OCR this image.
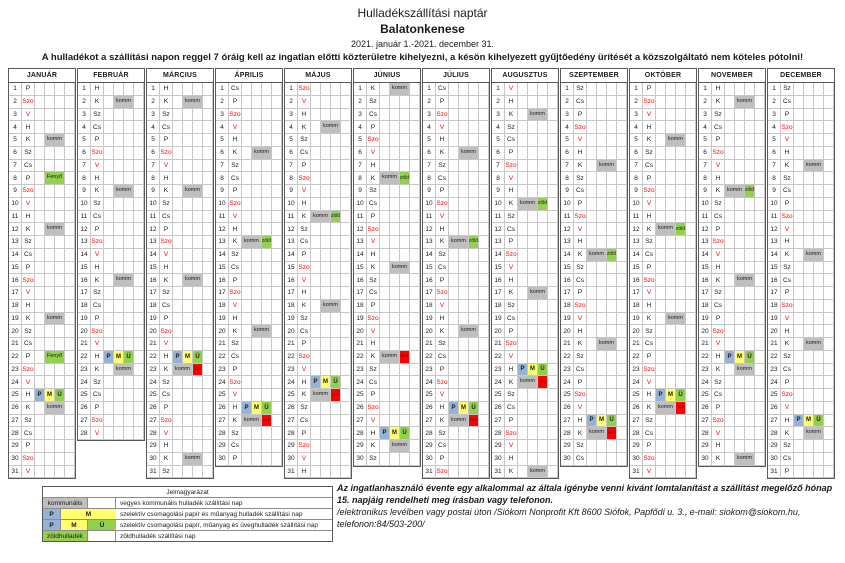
Hulladékszállítási naptár
Balatonkenese
2021. január 1.-2021. december 31.
A hulladékot a szállítási napon reggel 7 óráig kell az ingatlan előtti közterületre kihelyezni, a késön kihelyezett gyűjtőedény ürítését a közszolgáltató nem köteles pótolni!
JANUÁR
1	P
2 Szo
3	V
4	H
5	K	komm
6	Sz
7	Cs
8	P	Fenyő
9 Szo
10	V
11	H
12	K	komm
13 Sz
14 Cs
15	P
16 Szo
17	V
18	H
19	K	komm
20 Sz
21 Cs
22	P	Fenyő
23 Szo
24	V
25	H	P M Ü
26	K	komm
27 Sz
28 Cs
29	P
30 Szo
31	V
FEBRUÁR
1	H
2	K	komm
3	Sz
4	Cs
5	P
6 Szo
7	V
8	H
9	K	komm
10 Sz
11 Cs
12	P
13 Szo
14	V
15	H
16	K	komm
17 Sz
18 Cs
19	P
20 Szo
21	V
22	H	P M Ü
23	K	komm
24 Sz
25 Cs
26	P
27 Szo
28	V
MÁRCIUS
1	H
2	K	komm
3	Sz
4	Cs
5	P
6 Szo
7	V
8	H
9	K	komm
10 Sz
11 Cs
12	P
13 Szo
14	V
15	H
16	K	komm
17 Sz
18 Cs
19	P
20 Szo
21	V
22	H	P M Ü
23	K	komm lom
24 Sz
25 Cs
26	P
27 Szo
28	V
29	H
30	K	komm
31 Sz
ÁPRILIS
1	Cs
2	P
3 Szo
4	V
5	H
6	K	komm
7	Sz
8	Cs
9	P
10 Szo
11	V
12	H
13	K	komm zöld
14 Sz
15 Cs
16	P
17 Szo
18	V
19	H
20	K	komm
21 Sz
22 Cs
23	P
24 Szo
25	V
26	H	P M Ü
27	K	komm lom
28 Sz
29 Cs
30	P
MÁJUS
1 Szo
2	V
3	H
4	K	komm
5	Sz
6	Cs
7	P
8 Szo
9	V
10	H
11	K	komm zöld
12 Sz
13 Cs
14	P
15 Szo
16	V
17	H
18	K	komm
19 Sz
20 Cs
21	P
22 Szo
23	V
24	H	P M Ü
25	K	komm lom
26 Sz
27 Cs
28	P
29 Szo
30	V
31	H
JÚNIUS
1	K	komm
2	Sz
3	Cs
4	P
5 Szo
6	V
7	H
8	K	komm zöld
9	Sz
10 Cs
11	P
12 Szo
13	V
14	H
15	K	komm
16 Sz
17 Cs
18	P
19 Szo
20	V
21	H
22	K	komm lom
23 Sz
24 Cs
25	P
26 Szo
27	V
28	H	P M Ü
29	K	komm
30 Sz
JÚLIUS
1	Cs
2	P
3 Szo
4	V
5	H
6	K	komm
7	Sz
8	Cs
9	P
10 Szo
11	V
12	H
13	K	komm zöld
14 Sz
15 Cs
16	P
17 Szo
18	V
19	H
20	K	komm
21 Sz
22 Cs
23	P
24 Szo
25	V
26	H	P M Ü
27	K	komm lom
28 Sz
29 Cs
30	P
31 Szo
AUGUSZTUS
1	V
2	H
3	K	komm
4	Sz
5	Cs
6	P
7 Szo
8	V
9	H
10	K	komm zöld
11 Sz
12 Cs
13	P
14 Szo
15	V
16	H
17	K	komm
18 Sz
19 Cs
20	P
21 Szo
22	V
23	H	P M Ü
24	K	komm lom
25 Sz
26 Cs
27	P
28 Szo
29	V
30	H
31	K	komm
SZEPTEMBER
1	Sz
2	Cs
3	P
4 Szo
5	V
6	H
7	K	komm
8	Sz
9	Cs
10	P
11 Szo
12	V
13	H
14	K	komm zöld
15 Sz
16 Cs
17	P
18 Szo
19	V
20	H
21	K	komm
22 Sz
23 Cs
24	P
25 Szo
26	V
27	H	P M Ü
28	K	komm lom
29 Sz
30 Cs
OKTÓBER
1	P
2 Szo
3	V
4	H
5	K	komm
6	Sz
7	Cs
8	P
9 Szo
10	V
11	H
12	K	komm zöld
13 Sz
14 Cs
15	P
16 Szo
17	V
18	H
19	K	komm
20 Sz
21 Cs
22	P
23 Szo
24	V
25	H	P M Ü
26	K	komm lom
27 Sz
28 Cs
29	P
30 Szo
31	V
NOVEMBER
1	H
2	K	komm
3	Sz
4	Cs
5	P
6 Szo
7	V
8	H
9	K	komm zöld
10 Sz
11 Cs
12	P
13 Szo
14	V
15	H
16	K	komm
17 Sz
18 Cs
19	P
20 Szo
21	V
22	H	P M Ü
23	K	komm
24 Sz
25 Cs
26	P
27 Szo
28	V
29	H
30	K	komm
DECEMBER
1	Sz
2	Cs
3	P
4 Szo
5	V
6	H
7	K	komm
8	Sz
9	Cs
10	P
11 Szo
12	V
13	H
14	K	komm
15 Sz
16 Cs
17	P
18 Szo
19	V
20	H
21	K	komm
22 Sz
23 Cs
24	P
25 Szo
26	V
27	H	P M Ü
28	K	komm
29 Sz
30 Cs
31	P
Jelmagyarázat
kommunális	vegyes kommunális hulladék szállítási nap
P	M	szelektív csomagolási papír és műanyag hulladék szállítási nap
P	M	Ü	szelektív csomagolási papír, műanyag és üveghulladék szállítási nap
zöldhulladék	zöldhulladék szállítási nap
Az ingatlanhasználó évente egy alkalommal az általa igénybe venni kívánt lomtalanítást a szállítást megelőző hónap 15. napjáig rendelheti meg írásban vagy telefonon.
/elektronikus levélben vagy postai úton /Siókom Nonprofit Kft 8600 Siófok, Papfődi u. 3., e-mail: siokom@siokom.hu, telefonon:84/503-200/
